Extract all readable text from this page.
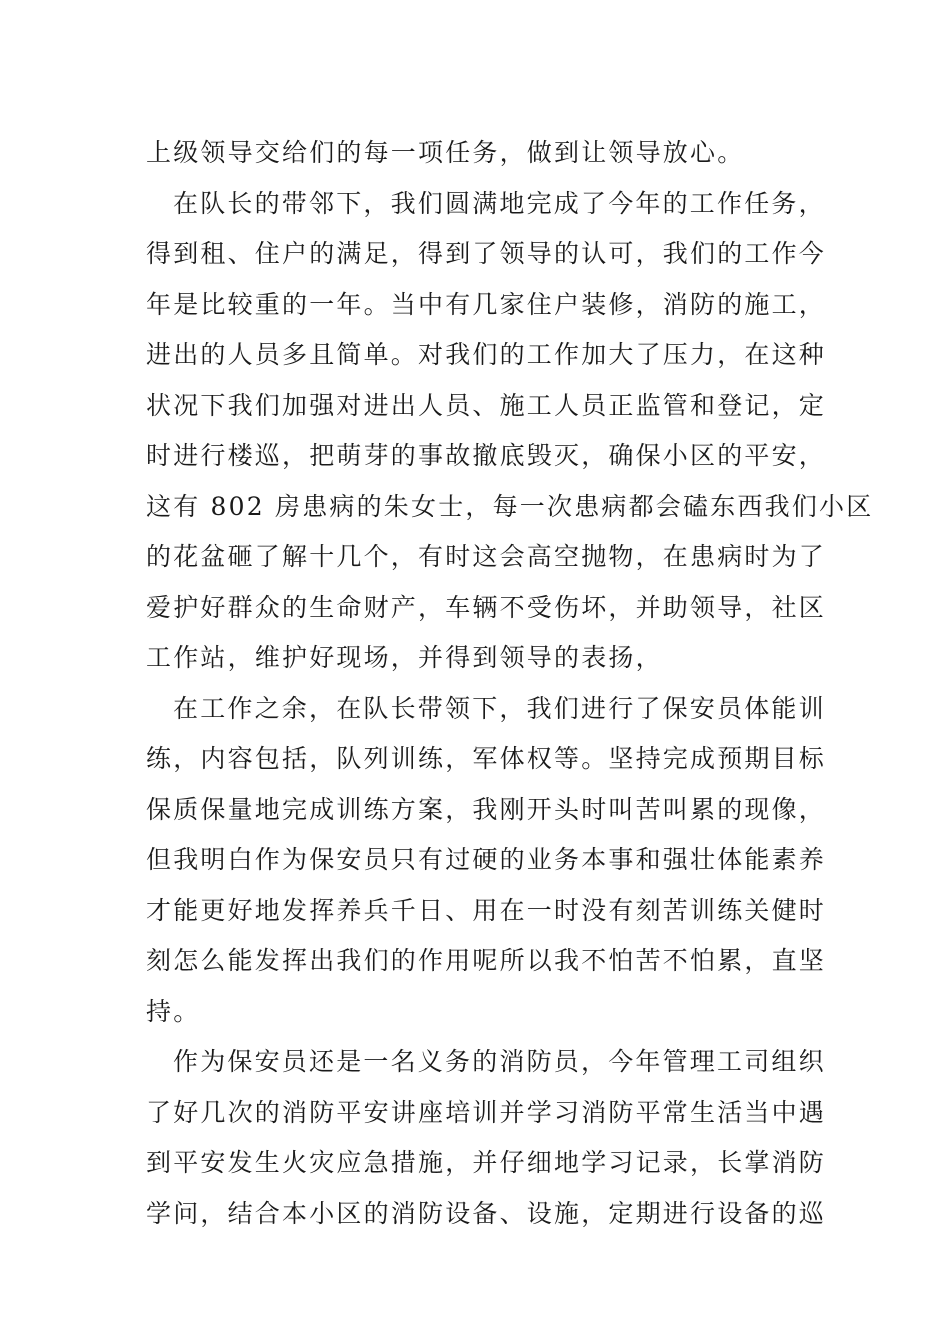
上级领导交给们的每一项任务，做到让领导放心。
在队长的带邻下，我们圆满地完成了今年的工作任务，
得到租、住户的满足，得到了领导的认可，我们的工作今
年是比较重的一年。当中有几家住户装修，消防的施工，
进出的人员多且简单。对我们的工作加大了压力，在这种
状况下我们加强对进出人员、施工人员正监管和登记，定
时进行楼巡，把萌芽的事故撤底毁灭，确保小区的平安，
这有 802 房患病的朱女士，每一次患病都会磕东西我们小区
的花盆砸了解十几个，有时这会高空抛物，在患病时为了
爱护好群众的生命财产，车辆不受伤坏，并助领导，社区
工作站，维护好现场，并得到领导的表扬，
在工作之余，在队长带领下，我们进行了保安员体能训
练，内容包括，队列训练，军体权等。坚持完成预期目标
保质保量地完成训练方案，我刚开头时叫苦叫累的现像，
但我明白作为保安员只有过硬的业务本事和强壮体能素养
才能更好地发挥养兵千日、用在一时没有刻苦训练关健时
刻怎么能发挥出我们的作用呢所以我不怕苦不怕累，直坚
持。
作为保安员还是一名义务的消防员，今年管理工司组织
了好几次的消防平安讲座培训并学习消防平常生活当中遇
到平安发生火灾应急措施，并仔细地学习记录，长掌消防
学问，结合本小区的消防设备、设施，定期进行设备的巡
